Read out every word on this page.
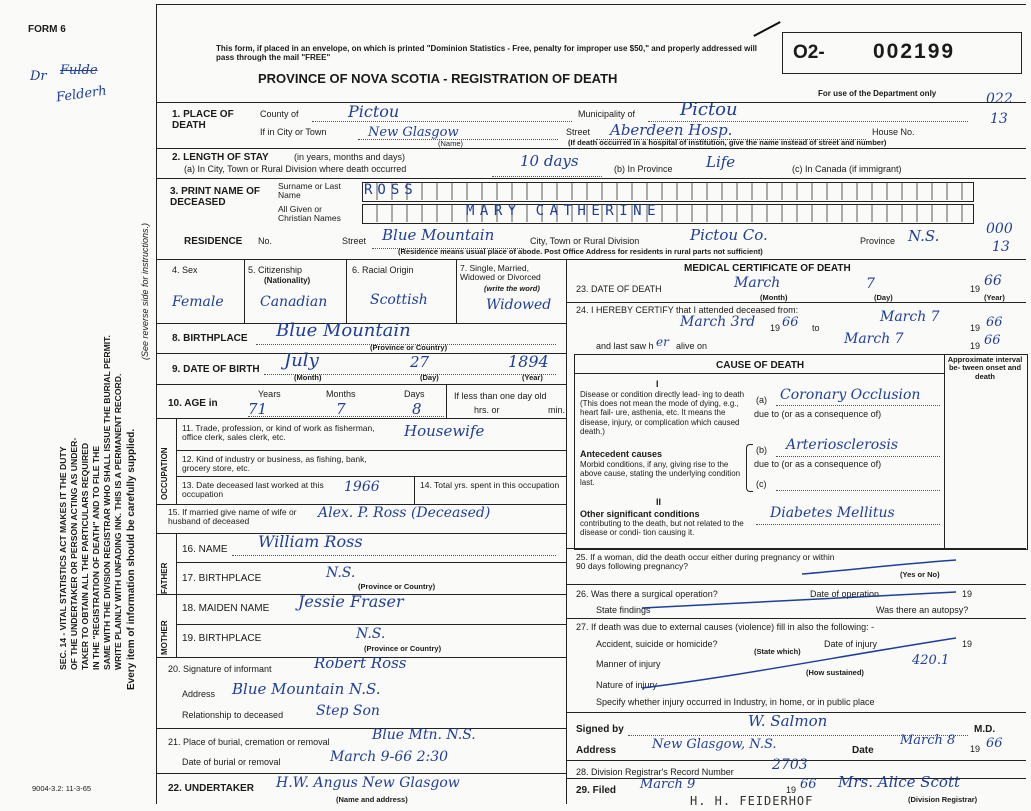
FORM 6
Dr Fulde
Felderh
SEC. 14 - VITAL STATISTICS ACT MAKES IT THE DUTY OF THE UNDERTAKER OR PERSON ACTING AS UNDER- TAKER TO OBTAIN ALL THE PARTICULARS REQUIRED IN THE "REGISTRATION OF DEATH" AND TO FILE THE SAME WITH THE DIVISION REGISTRAR WHO SHALL ISSUE THE BURIAL PERMIT. WRITE PLAINLY WITH UNFADING INK. THIS IS A PERMANENT RECORD. Every item of information should be carefully supplied.
(See reverse side for instructions.)
This form, if placed in an envelope, on which is printed "Dominion Statistics - Free, penalty for improper use $50," and properly addressed will pass through the mail "FREE"
PROVINCE OF NOVA SCOTIA - REGISTRATION OF DEATH
O2- 002199
For use of the Department only	022
13
000
13
1. PLACE OF DEATH
County of	Pictou	Municipality of Pictou
If in City or Town	New Glasgow
(Name)
Street Aberdeen Hosp.	House No.
(If death occurred in a hospital of institution, give the name instead of street and number)
2. LENGTH OF STAY	(in years, months and days)
(a) In City, Town or Rural Division where death occurred	10 days	(b) In Province Life	(c) In Canada (if immigrant)
3. PRINT NAME OF DECEASED
Surname or Last Name
All Given or Christian Names
ROSS
MARY CATHERINE
RESIDENCE No.	Street Blue Mountain	City, Town or Rural Division	Pictou Co.	Province N.S.
(Residence means usual place of abode. Post Office Address for residents in rural parts not sufficient)
4. Sex
Female
5. Citizenship
(Nationality)
Canadian
6. Racial Origin
Scottish
7. Single, Married, Widowed or Divorced
(write the word)
Widowed
8. BIRTHPLACE Blue Mountain
(Province or Country)
9. DATE OF BIRTH July	27	1894
(Month)	(Day)	(Year)
10. AGE in
Years
71
Months
7
Days
8
If less than one day old
hrs. or	min.
OCCUPATION
11. Trade, profession, or kind of work as fisherman, office clerk, sales clerk, etc.	Housewife
12. Kind of industry or business, as fishing, bank, grocery store, etc.
13. Date deceased last worked at this occupation	1966	14. Total yrs. spent in this occupation
15. If married give name of wife or husband of deceased
Alex. P. Ross (Deceased)
FATHER
16. NAME William Ross
17. BIRTHPLACE	N.S.
(Province or Country)
MOTHER
18. MAIDEN NAME Jessie Fraser
19. BIRTHPLACE	N.S.
(Province or Country)
20. Signature of informant	Robert Ross
Address Blue Mountain N.S.
Relationship to deceased Step Son
21. Place of burial, cremation or removal	Blue Mtn. N.S.
Date of burial or removal	March 9-66 2:30
22. UNDERTAKER H.W. Angus New Glasgow
(Name and address)
9004-3.2: 11-3-65
MEDICAL CERTIFICATE OF DEATH
23. DATE OF DEATH	March	7	19 66
(Month)	(Day)	(Year)
24. I HEREBY CERTIFY that I attended deceased from:
March 3rd 19 66 to
March 7
19 66
and last saw h er alive on	March 7	19 66
CAUSE OF DEATH
Approximate interval be- tween onset and death
I
Disease or condition directly lead- ing to death (This does not mean the mode of dying, e.g., heart fail- ure, asthenia, etc. It means the disease, injury, or complication which caused death.)
(a) Coronary Occlusion
due to (or as a consequence of)
Antecedent causes
Morbid conditions, if any, giving rise to the above cause, stating the underlying condition last.
(b) Arteriosclerosis
due to (or as a consequence of)
(c)
II
Other significant conditions
contributing to the death, but not related to the disease or condi- tion causing it.
Diabetes Mellitus
25. If a woman, did the death occur either during pregnancy or within 90 days following pregnancy?
(Yes or No)
26. Was there a surgical operation?	Date of operation	19
State findings	Was there an autopsy?
27. If death was due to external causes (violence) fill in also the following: -
Accident, suicide or homicide?
(State which)
Date of injury	19
Manner of injury	420.1
(How sustained)
Nature of injury
Specify whether injury occurred in Industry, in home, or in public place
Signed by	W. Salmon	M.D.
Address	New Glasgow, N.S.	Date
March 8
19 66
28. Division Registrar's Record Number	2703
29. Filed March 9	19 66 Mrs. Alice Scott
(Division Registrar)
H. H. FEIDERHOF
